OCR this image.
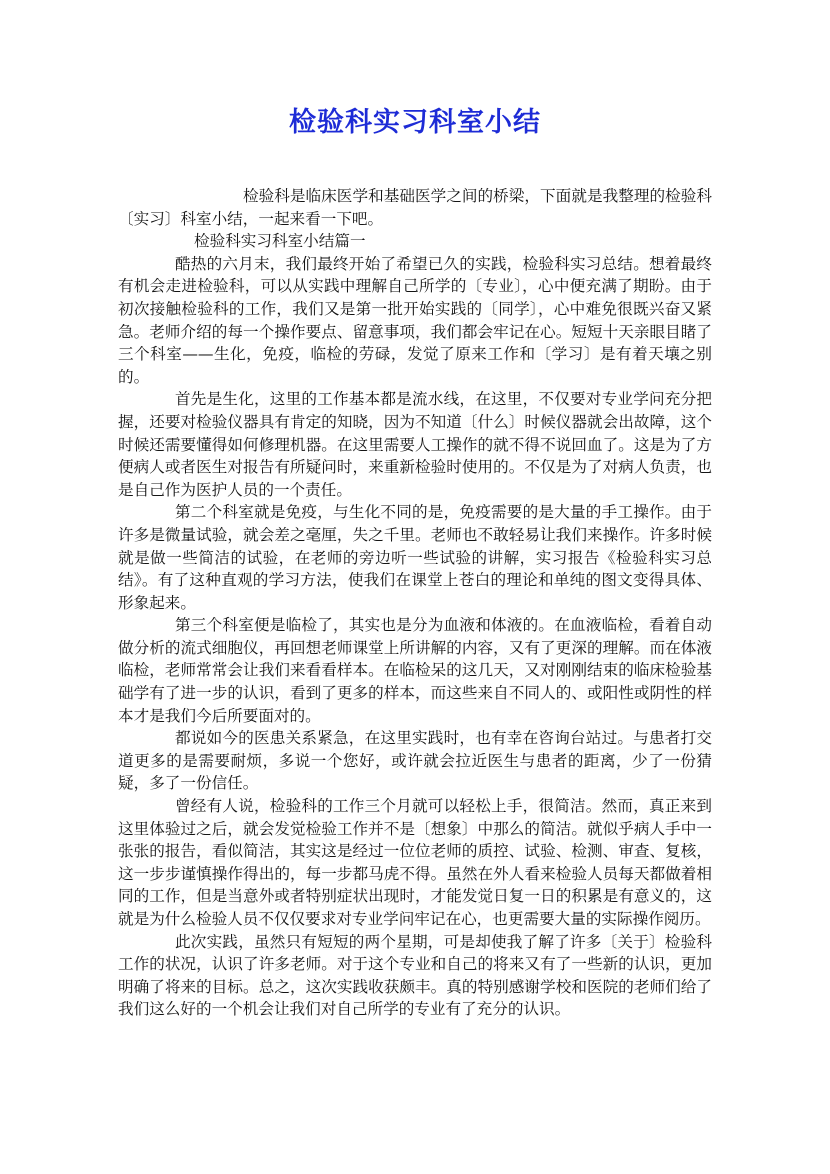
检验科实习科室小结

检验科是临床医学和基础医学之间的桥梁，下面就是我整理的检验科〔实习〕科室小结，一起来看一下吧。

检验科实习科室小结篇一

酷热的六月末，我们最终开始了希望已久的实践，检验科实习总结。想着最终有机会走进检验科，可以从实践中理解自己所学的〔专业〕，心中便充满了期盼。由于初次接触检验科的工作，我们又是第一批开始实践的〔同学〕，心中难免很既兴奋又紧急。老师介绍的每一个操作要点、留意事项，我们都会牢记在心。短短十天亲眼目睹了三个科室——生化，免疫，临检的劳碌，发觉了原来工作和〔学习〕是有着天壤之别的。

首先是生化，这里的工作基本都是流水线，在这里，不仅要对专业学问充分把握，还要对检验仪器具有肯定的知晓，因为不知道〔什么〕时候仪器就会出故障，这个时候还需要懂得如何修理机器。在这里需要人工操作的就不得不说回血了。这是为了方便病人或者医生对报告有所疑问时，来重新检验时使用的。不仅是为了对病人负责，也是自己作为医护人员的一个责任。

第二个科室就是免疫，与生化不同的是，免疫需要的是大量的手工操作。由于许多是微量试验，就会差之毫厘，失之千里。老师也不敢轻易让我们来操作。许多时候就是做一些简洁的试验，在老师的旁边听一些试验的讲解，实习报告《检验科实习总结》。有了这种直观的学习方法，使我们在课堂上苍白的理论和单纯的图文变得具体、形象起来。

第三个科室便是临检了，其实也是分为血液和体液的。在血液临检，看着自动做分析的流式细胞仪，再回想老师课堂上所讲解的内容，又有了更深的理解。而在体液临检，老师常常会让我们来看看样本。在临检呆的这几天，又对刚刚结束的临床检验基础学有了进一步的认识，看到了更多的样本，而这些来自不同人的、或阳性或阴性的样本才是我们今后所要面对的。

都说如今的医患关系紧急，在这里实践时，也有幸在咨询台站过。与患者打交道更多的是需要耐烦，多说一个您好，或许就会拉近医生与患者的距离，少了一份猜疑，多了一份信任。

曾经有人说，检验科的工作三个月就可以轻松上手，很简洁。然而，真正来到这里体验过之后，就会发觉检验工作并不是〔想象〕中那么的简洁。就似乎病人手中一张张的报告，看似简洁，其实这是经过一位位老师的质控、试验、检测、审查、复核，这一步步谨慎操作得出的，每一步都马虎不得。虽然在外人看来检验人员每天都做着相同的工作，但是当意外或者特别症状出现时，才能发觉日复一日的积累是有意义的，这就是为什么检验人员不仅仅要求对专业学问牢记在心，也更需要大量的实际操作阅历。

此次实践，虽然只有短短的两个星期，可是却使我了解了许多〔关于〕检验科工作的状况，认识了许多老师。对于这个专业和自己的将来又有了一些新的认识，更加明确了将来的目标。总之，这次实践收获颇丰。真的特别感谢学校和医院的老师们给了我们这么好的一个机会让我们对自己所学的专业有了充分的认识。
